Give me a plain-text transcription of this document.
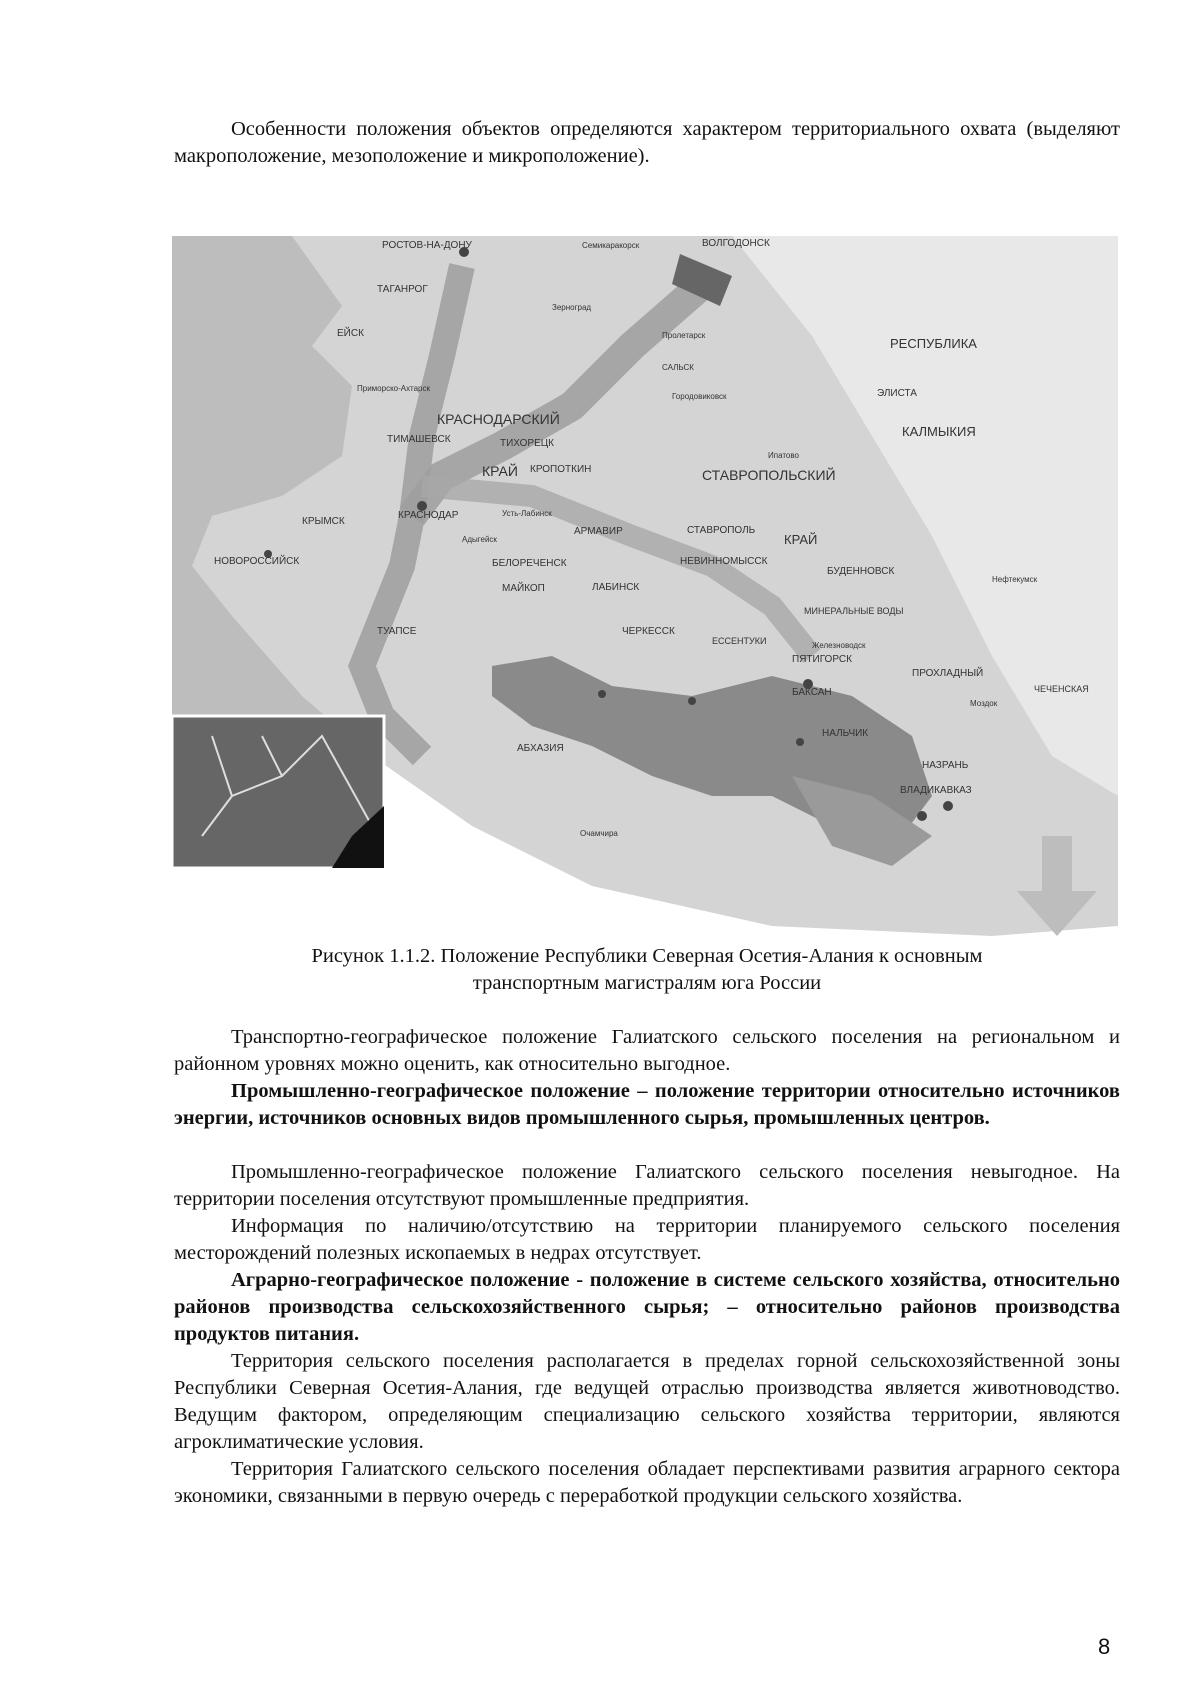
Особенности положения объектов определяются характером территориального охвата (выделяют макроположение, мезоположение и микроположение).
РОСТОВ-НА-ДОНУ	Семикаракорск	ВОЛГОДОНСК
ТАГАНРОГ
ЕЙСК
Зерноград
Пролетарск
САЛЬСК
Городовиковск
РЕСПУБЛИКА
ЭЛИСТА
КАЛМЫКИЯ
Приморско-Ахтарск
КРАСНОДАРСКИЙ
ТИМАШЕВСК	ТИХОРЕЦК
КРАЙ КРОПОТКИН
Ипатово
СТАВРОПОЛЬСКИЙ
КРЫМСК
КРАСНОДАР	Усть-Лабинск
Адыгейск
АРМАВИР	СТАВРОПОЛЬ
КРАЙ
НОВОРОССИЙСК	БЕЛОРЕЧЕНСК	НЕВИННОМЫССК
БУДЕННОВСК
Нефтекумск
МАЙКОП	ЛАБИНСК
МИНЕРАЛЬНЫЕ ВОДЫ
ТУАПСЕ	ЧЕРКЕССК
ЕССЕНТУКИ	Железноводск
ПЯТИГОРСК
ПРОХЛАДНЫЙ
ЧЕЧЕНСКАЯ
Моздок
БАКСАН
НАЛЬЧИК
АБХАЗИЯ
НАЗРАНЬ
ВЛАДИКАВКАЗ
Очамчира
Рисунок 1.1.2. Положение Республики Северная Осетия-Алания к основным
транспортным магистралям юга России
Транспортно-географическое положение Галиатского сельского поселения на региональном и районном уровнях можно оценить, как относительно выгодное.
Промышленно-географическое положение – положение территории относительно источников энергии, источников основных видов промышленного сырья, промышленных центров.
Промышленно-географическое положение Галиатского сельского поселения невыгодное. На территории поселения отсутствуют промышленные предприятия.
Информация по наличию/отсутствию на территории планируемого сельского поселения месторождений полезных ископаемых в недрах отсутствует.
Аграрно-географическое положение - положение в системе сельского хозяйства, относительно районов производства сельскохозяйственного сырья; – относительно районов производства продуктов питания.
Территория сельского поселения располагается в пределах горной сельскохозяйственной зоны Республики Северная Осетия-Алания, где ведущей отраслью производства является животноводство. Ведущим фактором, определяющим специализацию сельского хозяйства территории, являются агроклиматические условия.
Территория Галиатского сельского поселения обладает перспективами развития аграрного сектора экономики, связанными в первую очередь с переработкой продукции сельского хозяйства.
8
